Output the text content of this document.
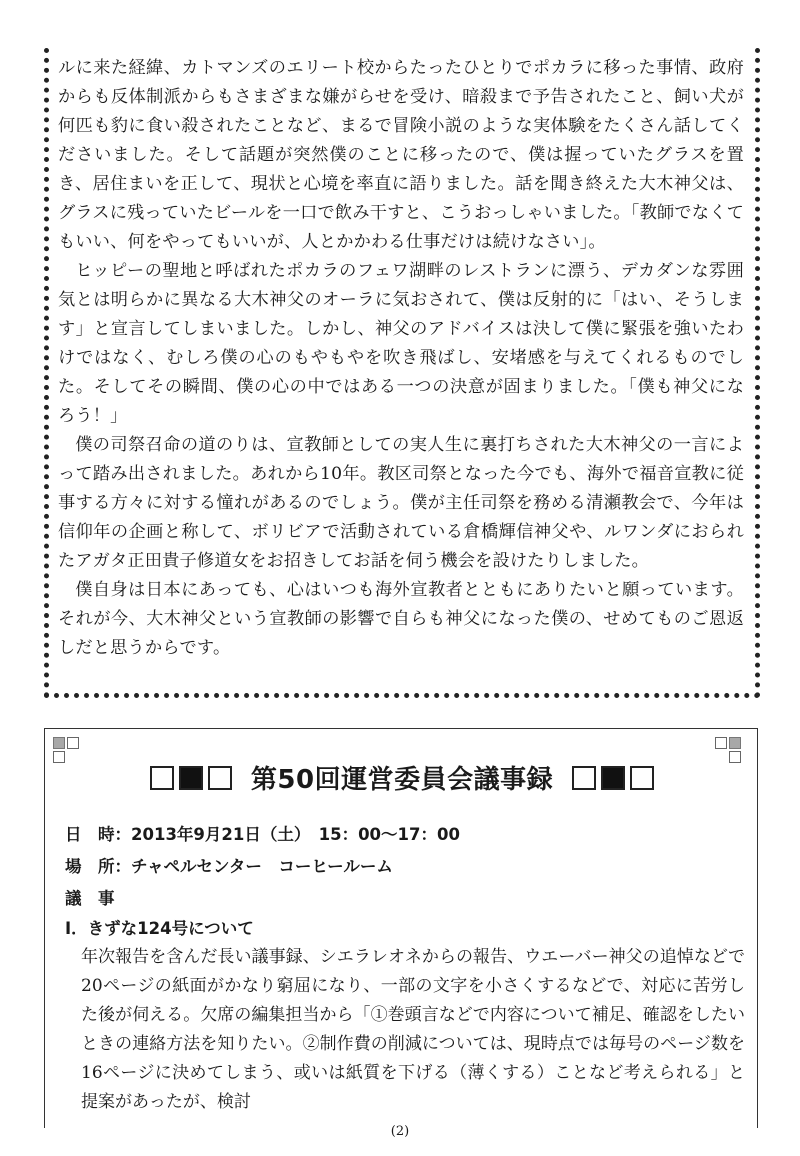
ルに来た経緯、カトマンズのエリート校からたったひとりでポカラに移った事情、政府からも反体制派からもさまざまな嫌がらせを受け、暗殺まで予告されたこと、飼い犬が何匹も豹に食い殺されたことなど、まるで冒険小説のような実体験をたくさん話してくださいました。そして話題が突然僕のことに移ったので、僕は握っていたグラスを置き、居住まいを正して、現状と心境を率直に語りました。話を聞き終えた大木神父は、グラスに残っていたビールを一口で飲み干すと、こうおっしゃいました。「教師でなくてもいい、何をやってもいいが、人とかかわる仕事だけは続けなさい」。

ヒッピーの聖地と呼ばれたポカラのフェワ湖畔のレストランに漂う、デカダンな雰囲気とは明らかに異なる大木神父のオーラに気おされて、僕は反射的に「はい、そうします」と宣言してしまいました。しかし、神父のアドバイスは決して僕に緊張を強いたわけではなく、むしろ僕の心のもやもやを吹き飛ばし、安堵感を与えてくれるものでした。そしてその瞬間、僕の心の中ではある一つの決意が固まりました。「僕も神父になろう！」

僕の司祭召命の道のりは、宣教師としての実人生に裏打ちされた大木神父の一言によって踏み出されました。あれから10年。教区司祭となった今でも、海外で福音宣教に従事する方々に対する憧れがあるのでしょう。僕が主任司祭を務める清瀬教会で、今年は信仰年の企画と称して、ボリビアで活動されている倉橋輝信神父や、ルワンダにおられたアガタ正田貴子修道女をお招きしてお話を伺う機会を設けたりしました。

僕自身は日本にあっても、心はいつも海外宣教者とともにありたいと願っています。それが今、大木神父という宣教師の影響で自らも神父になった僕の、せめてものご恩返しだと思うからです。

第50回運営委員会議事録
日　時：2013年9月21日（土）　15：00〜17：00
場　所：チャペルセンター　コーヒールーム
議　事
Ⅰ．きずな124号について

年次報告を含んだ長い議事録、シエラレオネからの報告、ウエーバー神父の追悼などで20ページの紙面がかなり窮屈になり、一部の文字を小さくするなどで、対応に苦労した後が伺える。欠席の編集担当から「①巻頭言などで内容について補足、確認をしたいときの連絡方法を知りたい。②制作費の削減については、現時点では毎号のページ数を16ページに決めてしまう、或いは紙質を下げる（薄くする）ことなど考えられる」と提案があったが、検討

(2)
